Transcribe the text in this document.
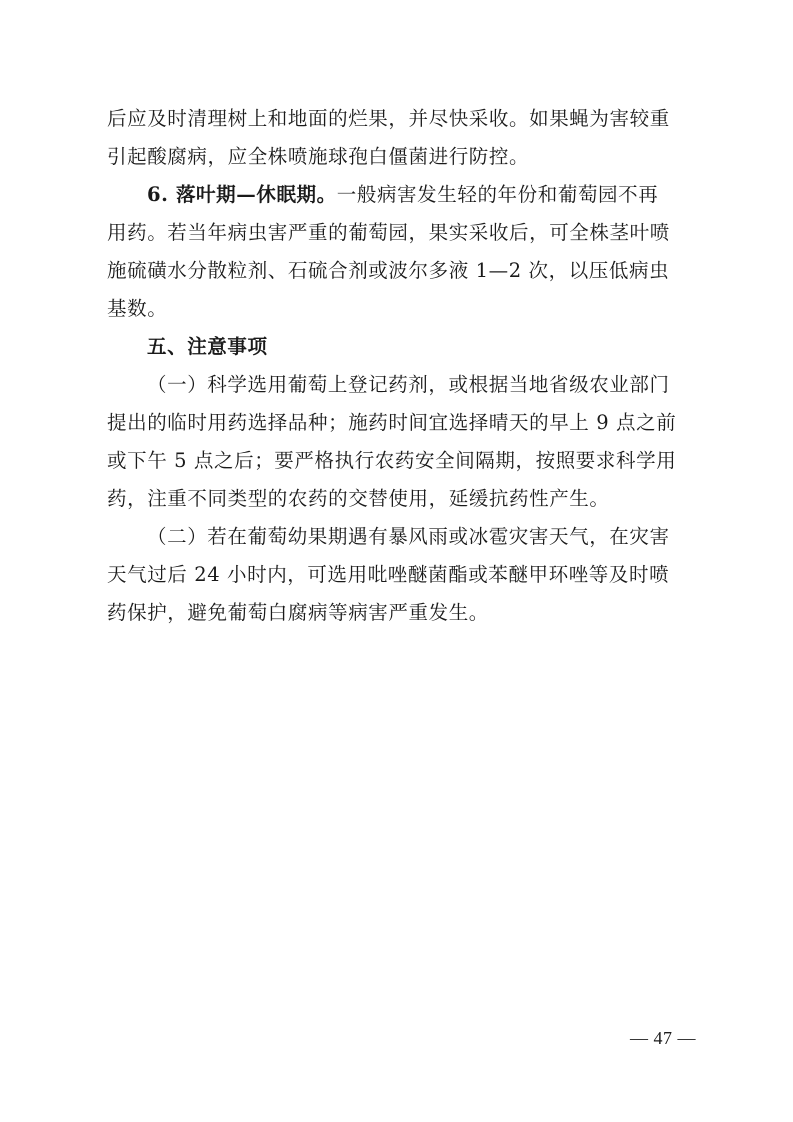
后应及时清理树上和地面的烂果，并尽快采收。如果蝇为害较重
引起酸腐病，应全株喷施球孢白僵菌进行防控。
6. 落叶期—休眠期。一般病害发生轻的年份和葡萄园不再
用药。若当年病虫害严重的葡萄园，果实采收后，可全株茎叶喷
施硫磺水分散粒剂、石硫合剂或波尔多液 1—2 次，以压低病虫
基数。
五、注意事项
（一）科学选用葡萄上登记药剂，或根据当地省级农业部门
提出的临时用药选择品种；施药时间宜选择晴天的早上 9 点之前
或下午 5 点之后；要严格执行农药安全间隔期，按照要求科学用
药，注重不同类型的农药的交替使用，延缓抗药性产生。
（二）若在葡萄幼果期遇有暴风雨或冰雹灾害天气，在灾害
天气过后 24 小时内，可选用吡唑醚菌酯或苯醚甲环唑等及时喷
药保护，避免葡萄白腐病等病害严重发生。
— 47 —
